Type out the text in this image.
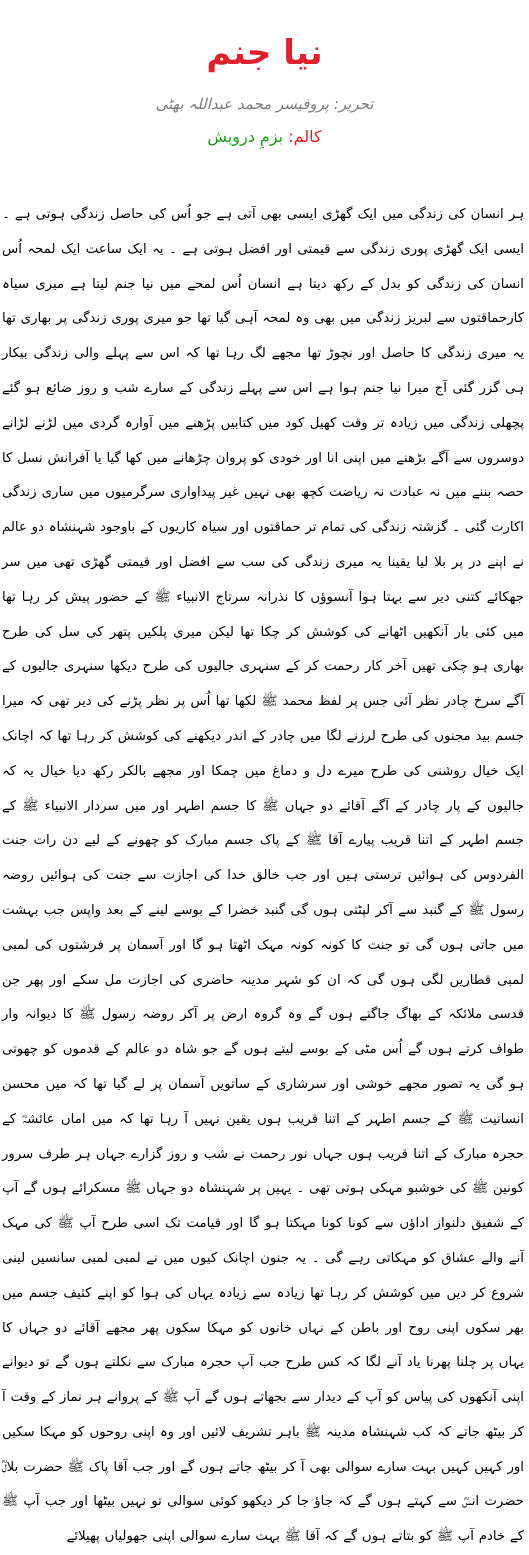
نیا جنم
تحریر: پروفیسر محمد عبداللہ بھٹی
کالم: بزمِ درویش
ہر انسان کی زندگی میں ایک گھڑی ایسی بھی آتی ہے جو اُس کی حاصل زندگی ہوتی ہے ۔ ایسی ایک گھڑی پوری زندگی سے قیمتی اور افضل ہوتی ہے ۔ یہ ایک ساعت ایک لمحہ اُس انسان کی زندگی کو بدل کے رکھ دیتا ہے انسان اُس لمحے میں نیا جنم لیتا ہے میری سیاہ کارحماقتوں سے لبریز زندگی میں بھی وہ لمحہ آہی گیا تھا جو میری پوری زندگی پر بھاری تھا یہ میری زندگی کا حاصل اور نچوڑ تھا مجھے لگ رہا تھا کہ اس سے پہلے والی زندگی بیکار ہی گزر گئی آج میرا نیا جنم ہوا ہے اس سے پہلے زندگی کے سارے شب و روز ضائع ہو گئے پچھلی زندگی میں زیادہ تر وقت کھیل کود میں کتابیں پڑھنے میں آوارہ گردی میں لڑنے لڑانے دوسروں سے آگے بڑھنے میں اپنی انا اور خودی کو پروان چڑھانے میں کھا گیا یا آفرانش نسل کا حصہ بننے میں نہ عبادت نہ ریاضت کچھ بھی نہیں غیر پیداواری سرگرمیوں میں ساری زندگی اکارت گئی ۔ گزشتہ زندگی کی تمام تر حماقتوں اور سیاہ کاریوں کے باوجود شہنشاہ دو عالم نے اپنے در پر بلا لیا یقینا یہ میری زندگی کی سب سے افضل اور قیمتی گھڑی تھی میں سر جھکائے کتنی دیر سے بہتا ہوا آنسوؤں کا نذرانہ سرتاج الانبیاء ﷺ کے حضور پیش کر رہا تھا میں کئی بار آنکھیں اٹھانے کی کوشش کر چکا تھا لیکن میری پلکیں پتھر کی سل کی طرح بھاری ہو چکی تھیں آخر کار رحمت کر کے سنہری جالیوں کی طرح دیکھا سنہری جالیوں کے آگے سرخ چادر نظر آئی جس پر لفظ محمد ﷺ لکھا تھا اُس پر نظر پڑنے کی دیر تھی کہ میرا جسم بید مجنوں کی طرح لرزنے لگا میں چادر کے اندر دیکھنے کی کوشش کر رہا تھا کہ اچانک ایک خیال روشنی کی طرح میرے دل و دماغ میں چمکا اور مجھے بالکر رکھ دیا خیال یہ کہ جالیوں کے پار چادر کے آگے آقائے دو جہاں ﷺ کا جسم اطہر اور میں سردار الانبیاء ﷺ کے جسم اطہر کے اتنا قریب پیارے آقا ﷺ کے پاک جسم مبارک کو چھونے کے لیے دن رات جنت الفردوس کی ہوائیں ترستی ہیں اور جب خالق خدا کی اجازت سے جنت کی ہوائیں روضہ رسول ﷺ کے گنبد سے آکر لپٹتی ہوں گی گنبد خضرا کے بوسے لینے کے بعد واپس جب بہشت میں جاتی ہوں گی تو جنت کا کونہ کونہ مہک اٹھتا ہو گا اور آسمان پر فرشتوں کی لمبی لمبی قطاریں لگی ہوں گی کہ ان کو شہر مدینہ حاضری کی اجازت مل سکے اور پھر جن قدسی ملائکہ کے بھاگ جاگتے ہوں گے وہ گروہ ارض پر آکر روضہ رسول ﷺ کا دیوانہ وار طواف کرتے ہوں گے اُس مٹی کے بوسے لیتے ہوں گے جو شاہ دو عالم کے قدموں کو چھوتی ہو گی یہ تصور مجھے خوشی اور سرشاری کے ساتویں آسمان پر لے گیا تھا کہ میں محسن انسانیت ﷺ کے جسم اطہر کے اتنا قریب ہوں یقین نہیں آ رہا تھا کہ میں اماں عائشہؓ کے حجرہ مبارک کے اتنا قریب ہوں جہاں نور رحمت نے شب و روز گزارے جہاں ہر طرف سرور کونین ﷺ کی خوشبو مہکی ہوتی تھی ۔ یہیں پر شہنشاہ دو جہاں ﷺ مسکرائے ہوں گے آپ کے شفیق دلنواز اداؤں سے کونا کونا مہکتا ہو گا اور قیامت تک اسی طرح آپ ﷺ کی مہک آنے والے عشاق کو مہکاتی رہے گی ۔ یہ جنون اچانک کیوں میں نے لمبی لمبی سانسیں لینی شروع کر دیں میں کوشش کر رہا تھا زیادہ سے زیادہ یہاں کی ہوا کو اپنے کثیف جسم میں بھر سکوں اپنی روح اور باطن کے نہاں خانوں کو مہکا سکوں پھر مجھے آقائے دو جہاں کا یہاں پر چلنا پھرنا یاد آنے لگا کہ کس طرح جب آپ حجرہ مبارک سے نکلتے ہوں گے تو دیوانے اپنی آنکھوں کی پیاس کو آپ کے دیدار سے بجھاتے ہوں گے آپ ﷺ کے پروانے ہر نماز کے وقت آ کر بیٹھ جاتے کہ کب شہنشاہ مدینہ ﷺ باہر تشریف لائیں اور وہ اپنی روحوں کو مہکا سکیں اور کہیں کہیں بہت سارے سوالی بھی آ کر بیٹھ جاتے ہوں گے اور جب آقا پاک ﷺ حضرت بلالؓ حضرت انسؓ سے کہتے ہوں گے کہ جاؤ جا کر دیکھو کوئی سوالی تو نہیں بیٹھا اور جب آپ ﷺ کے خادم آپ ﷺ کو بتاتے ہوں گے کہ آقا ﷺ بہت سارے سوالی اپنی جھولیاں پھیلائے
